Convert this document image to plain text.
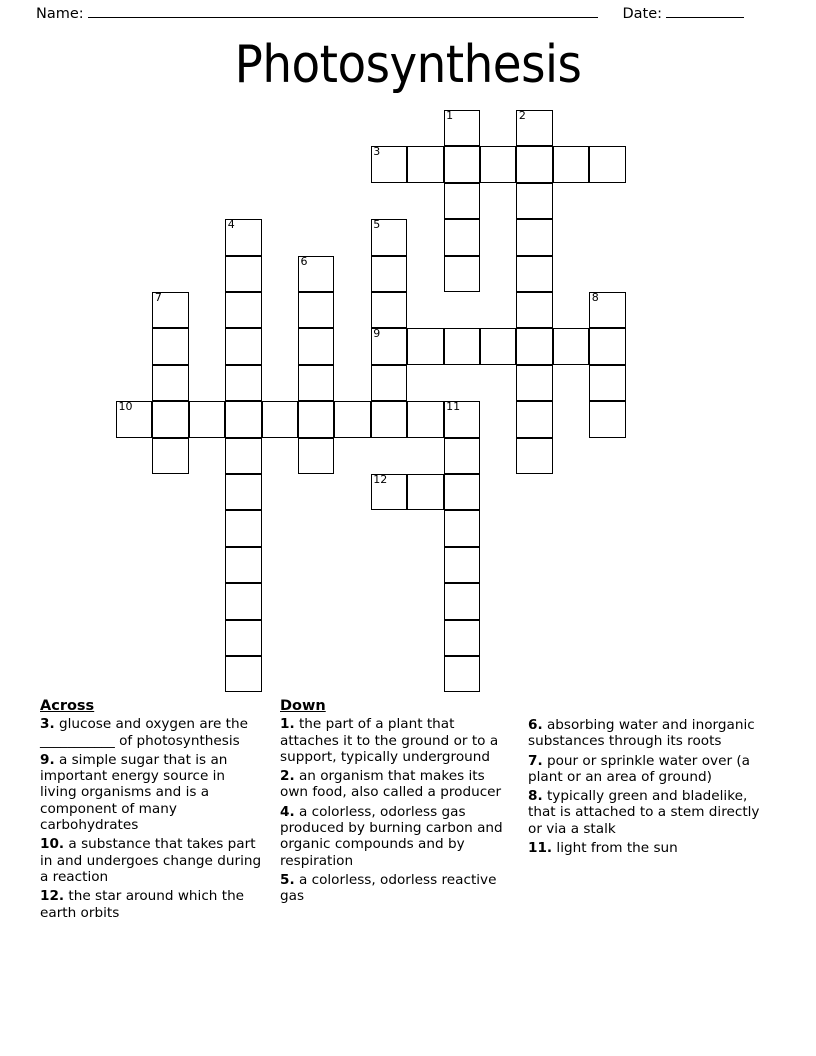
Name:	Date:
Photosynthesis
1	2
3
4	5
9
6
7	8
10	11
12
Across

3. glucose and oxygen are the ___________ of photosynthesis

9. a simple sugar that is an important energy source in living organisms and is a component of many carbohydrates

10. a substance that takes part in and undergoes change during a reaction

12. the star around which the earth orbits

Down

1. the part of a plant that attaches it to the ground or to a support, typically underground

2. an organism that makes its own food, also called a producer

4. a colorless, odorless gas produced by burning carbon and organic compounds and by respiration

5. a colorless, odorless reactive gas

6. absorbing water and inorganic substances through its roots

7. pour or sprinkle water over (a plant or an area of ground)

8. typically green and bladelike, that is attached to a stem directly or via a stalk

11. light from the sun
